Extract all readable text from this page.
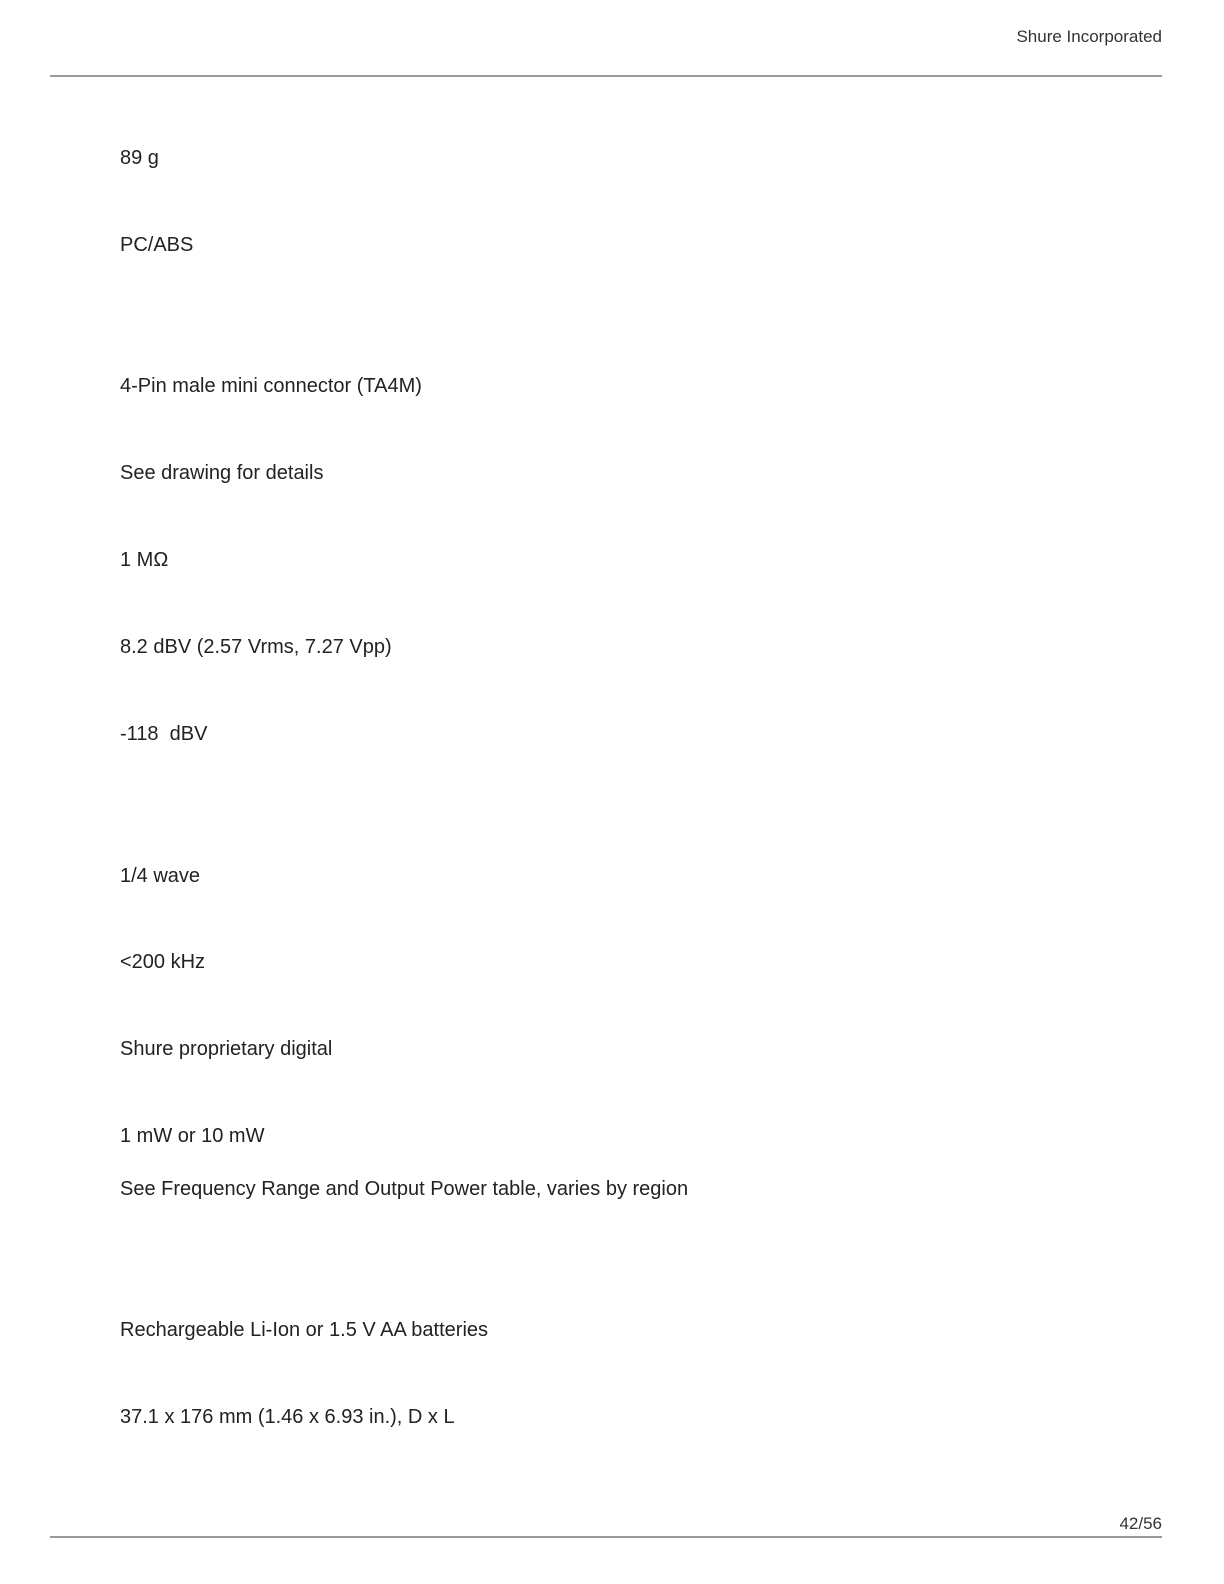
Shure Incorporated
89 g
PC/ABS
4-Pin male mini connector (TA4M)
See drawing for details
1 MΩ
8.2 dBV (2.57 Vrms, 7.27 Vpp)
-118  dBV
1/4 wave
<200 kHz
Shure proprietary digital
1 mW or 10 mW
See Frequency Range and Output Power table, varies by region
Rechargeable Li-Ion or 1.5 V AA batteries
37.1 x 176 mm (1.46 x 6.93 in.), D x L
42/56
